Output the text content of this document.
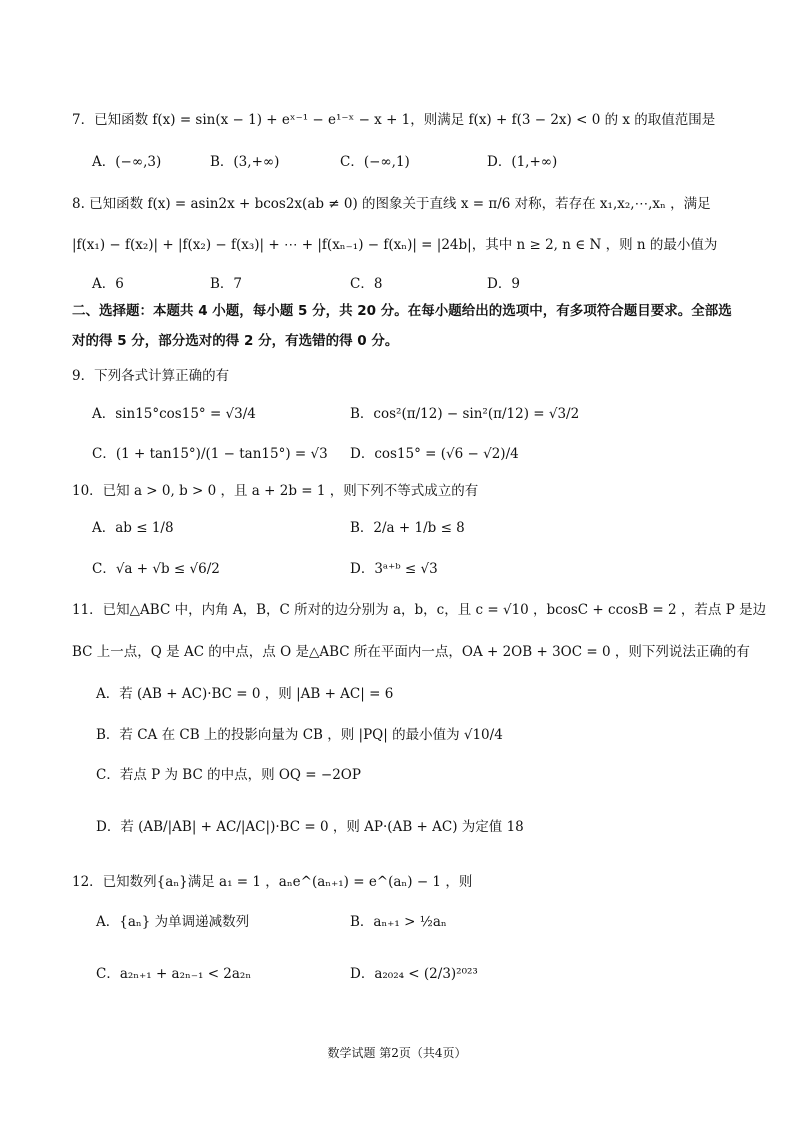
7．已知函数 f(x) = sin(x − 1) + eˣ⁻¹ − e¹⁻ˣ − x + 1，则满足 f(x) + f(3 − 2x) < 0 的 x 的取值范围是
A．(−∞,3)	B．(3,+∞)	C．(−∞,1)	D．(1,+∞)
8. 已知函数 f(x) = asin2x + bcos2x(ab ≠ 0) 的图象关于直线 x = π/6 对称，若存在 x₁,x₂,⋯,xₙ ，满足
|f(x₁) − f(x₂)| + |f(x₂) − f(x₃)| + ⋯ + |f(xₙ₋₁) − f(xₙ)| = |24b|，其中 n ≥ 2, n ∈ N ，则 n 的最小值为
A．6	B．7	C．8	D．9
二、选择题：本题共 4 小题，每小题 5 分，共 20 分。在每小题给出的选项中，有多项符合题目要求。全部选对的得 5 分，部分选对的得 2 分，有选错的得 0 分。
9．下列各式计算正确的有
A．sin15°cos15° = √3/4	B．cos²(π/12) − sin²(π/12) = √3/2
C．(1 + tan15°)/(1 − tan15°) = √3 D．cos15° = (√6 − √2)/4
10．已知 a > 0, b > 0 ，且 a + 2b = 1 ，则下列不等式成立的有
A．ab ≤ 1/8	B．2/a + 1/b ≤ 8
C．√a + √b ≤ √6/2	D．3ᵃ⁺ᵇ ≤ √3
11．已知△ABC 中，内角 A，B，C 所对的边分别为 a，b，c，且 c = √10 ，bcosC + ccosB = 2 ，若点 P 是边
BC 上一点，Q 是 AC 的中点，点 O 是△ABC 所在平面内一点，OA + 2OB + 3OC = 0 ，则下列说法正确的有
A．若 (AB + AC)·BC = 0 ，则 |AB + AC| = 6
B．若 CA 在 CB 上的投影向量为 CB ，则 |PQ| 的最小值为 √10/4
C．若点 P 为 BC 的中点，则 OQ = −2OP
D．若 (AB/|AB| + AC/|AC|)·BC = 0 ，则 AP·(AB + AC) 为定值 18
12．已知数列{aₙ}满足 a₁ = 1 ，aₙe^(aₙ₊₁) = e^(aₙ) − 1 ，则
A．{aₙ} 为单调递减数列	B．aₙ₊₁ > ½aₙ
C．a₂ₙ₊₁ + a₂ₙ₋₁ < 2a₂ₙ	D．a₂₀₂₄ < (2/3)²⁰²³
数学试题 第2页（共4页）
